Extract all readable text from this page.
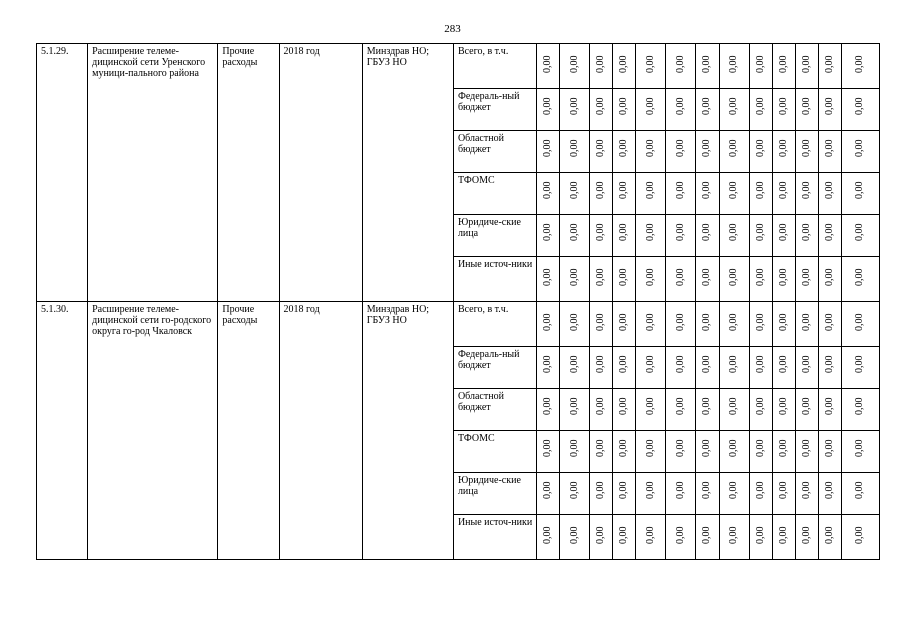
283
5.1.29.	Расширение телеме-дицинской сети Уренского муници-пального района	Прочие расходы	2018 год	Минздрав НО; ГБУЗ НО	Всего, в т.ч.	0,00	0,00	0,00	0,00	0,00	0,00	0,00	0,00	0,00	0,00	0,00	0,00	0,00

					Федераль-ный бюджет	0,00	0,00	0,00	0,00	0,00	0,00	0,00	0,00	0,00	0,00	0,00	0,00	0,00

					Областной бюджет	0,00	0,00	0,00	0,00	0,00	0,00	0,00	0,00	0,00	0,00	0,00	0,00	0,00

					ТФОМС	0,00	0,00	0,00	0,00	0,00	0,00	0,00	0,00	0,00	0,00	0,00	0,00	0,00

					Юридиче-ские лица	0,00	0,00	0,00	0,00	0,00	0,00	0,00	0,00	0,00	0,00	0,00	0,00	0,00

					Иные источ-ники	0,00	0,00	0,00	0,00	0,00	0,00	0,00	0,00	0,00	0,00	0,00	0,00	0,00

5.1.30.	Расширение телеме-дицинской сети го-родского округа го-род Чкаловск	Прочие расходы	2018 год	Минздрав НО; ГБУЗ НО	Всего, в т.ч.	0,00	0,00	0,00	0,00	0,00	0,00	0,00	0,00	0,00	0,00	0,00	0,00	0,00

					Федераль-ный бюджет	0,00	0,00	0,00	0,00	0,00	0,00	0,00	0,00	0,00	0,00	0,00	0,00	0,00

					Областной бюджет	0,00	0,00	0,00	0,00	0,00	0,00	0,00	0,00	0,00	0,00	0,00	0,00	0,00

					ТФОМС	0,00	0,00	0,00	0,00	0,00	0,00	0,00	0,00	0,00	0,00	0,00	0,00	0,00

					Юридиче-ские лица	0,00	0,00	0,00	0,00	0,00	0,00	0,00	0,00	0,00	0,00	0,00	0,00	0,00

					Иные источ-ники	0,00	0,00	0,00	0,00	0,00	0,00	0,00	0,00	0,00	0,00	0,00	0,00	0,00
